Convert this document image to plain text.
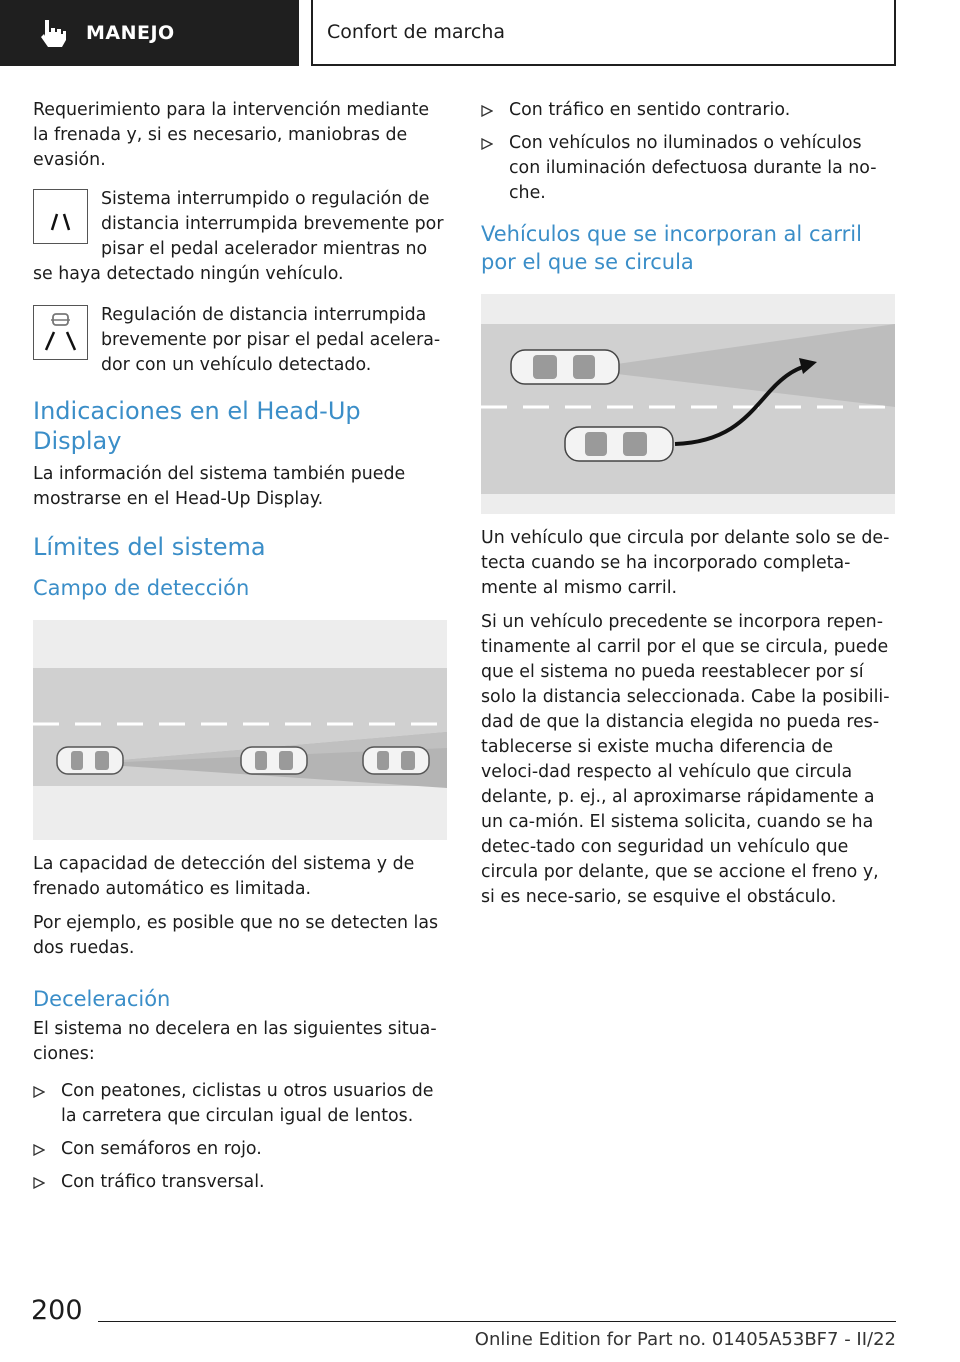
MANEJO	Confort de marcha

Requerimiento para la intervención mediante la frenada y, si es necesario, maniobras de evasión.

Sistema interrumpido o regulación de distancia interrumpida brevemente por pisar el pedal acelerador mientras no se haya detectado ningún vehículo.
Regulación de distancia interrumpida brevemente por pisar el pedal acelera-dor con un vehículo detectado.
Indicaciones en el Head-Up Display

La información del sistema también puede mostrarse en el Head-Up Display.

Límites del sistema
Campo de detección

La capacidad de detección del sistema y de frenado automático es limitada.

Por ejemplo, es posible que no se detecten las dos ruedas.

Deceleración

El sistema no decelera en las siguientes situa-ciones:

Con peatones, ciclistas u otros usuarios de la carretera que circulan igual de lentos.
Con semáforos en rojo.
Con tráfico transversal.
Con tráfico en sentido contrario.
Con vehículos no iluminados o vehículos con iluminación defectuosa durante la no-che.
Vehículos que se incorporan al carril por el que se circula

Un vehículo que circula por delante solo se de-tecta cuando se ha incorporado completa-mente al mismo carril.

Si un vehículo precedente se incorpora repen-tinamente al carril por el que se circula, puede que el sistema no pueda reestablecer por sí solo la distancia seleccionada. Cabe la posibili-dad de que la distancia elegida no pueda res-tablecerse si existe mucha diferencia de veloci-dad respecto al vehículo que circula delante, p. ej., al aproximarse rápidamente a un ca-mión. El sistema solicita, cuando se ha detec-tado con seguridad un vehículo que circula por delante, que se accione el freno y, si es nece-sario, se esquive el obstáculo.

200
Online Edition for Part no. 01405A53BF7 - II/22
